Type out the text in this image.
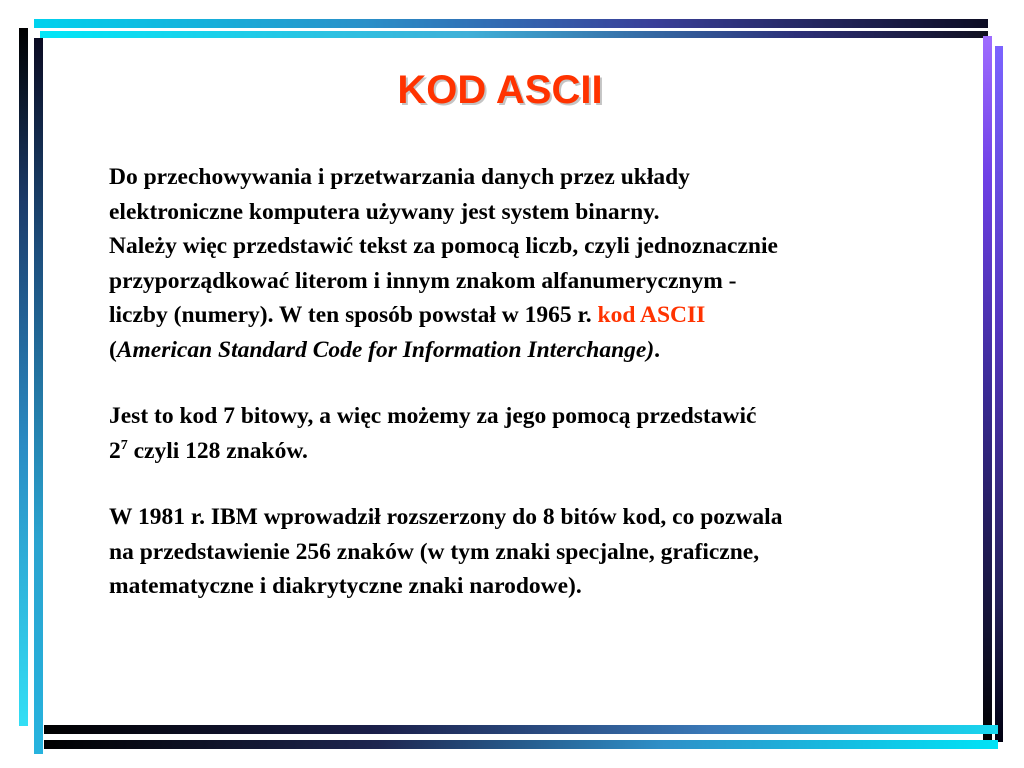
KOD ASCII

Do przechowywania i przetwarzania danych przez układy
elektroniczne komputera używany jest system binarny.
Należy więc przedstawić tekst za pomocą liczb, czyli jednoznacznie
przyporządkować literom i innym znakom alfanumerycznym -
liczby (numery). W ten sposób powstał w 1965 r. kod ASCII
(American Standard Code for Information Interchange).

Jest to kod 7 bitowy, a więc możemy za jego pomocą przedstawić
$2^7$ czyli 128 znaków.

W 1981 r. IBM wprowadził rozszerzony do 8 bitów kod, co pozwala
na przedstawienie 256 znaków (w tym znaki specjalne, graficzne,
matematyczne i diakrytyczne znaki narodowe).
